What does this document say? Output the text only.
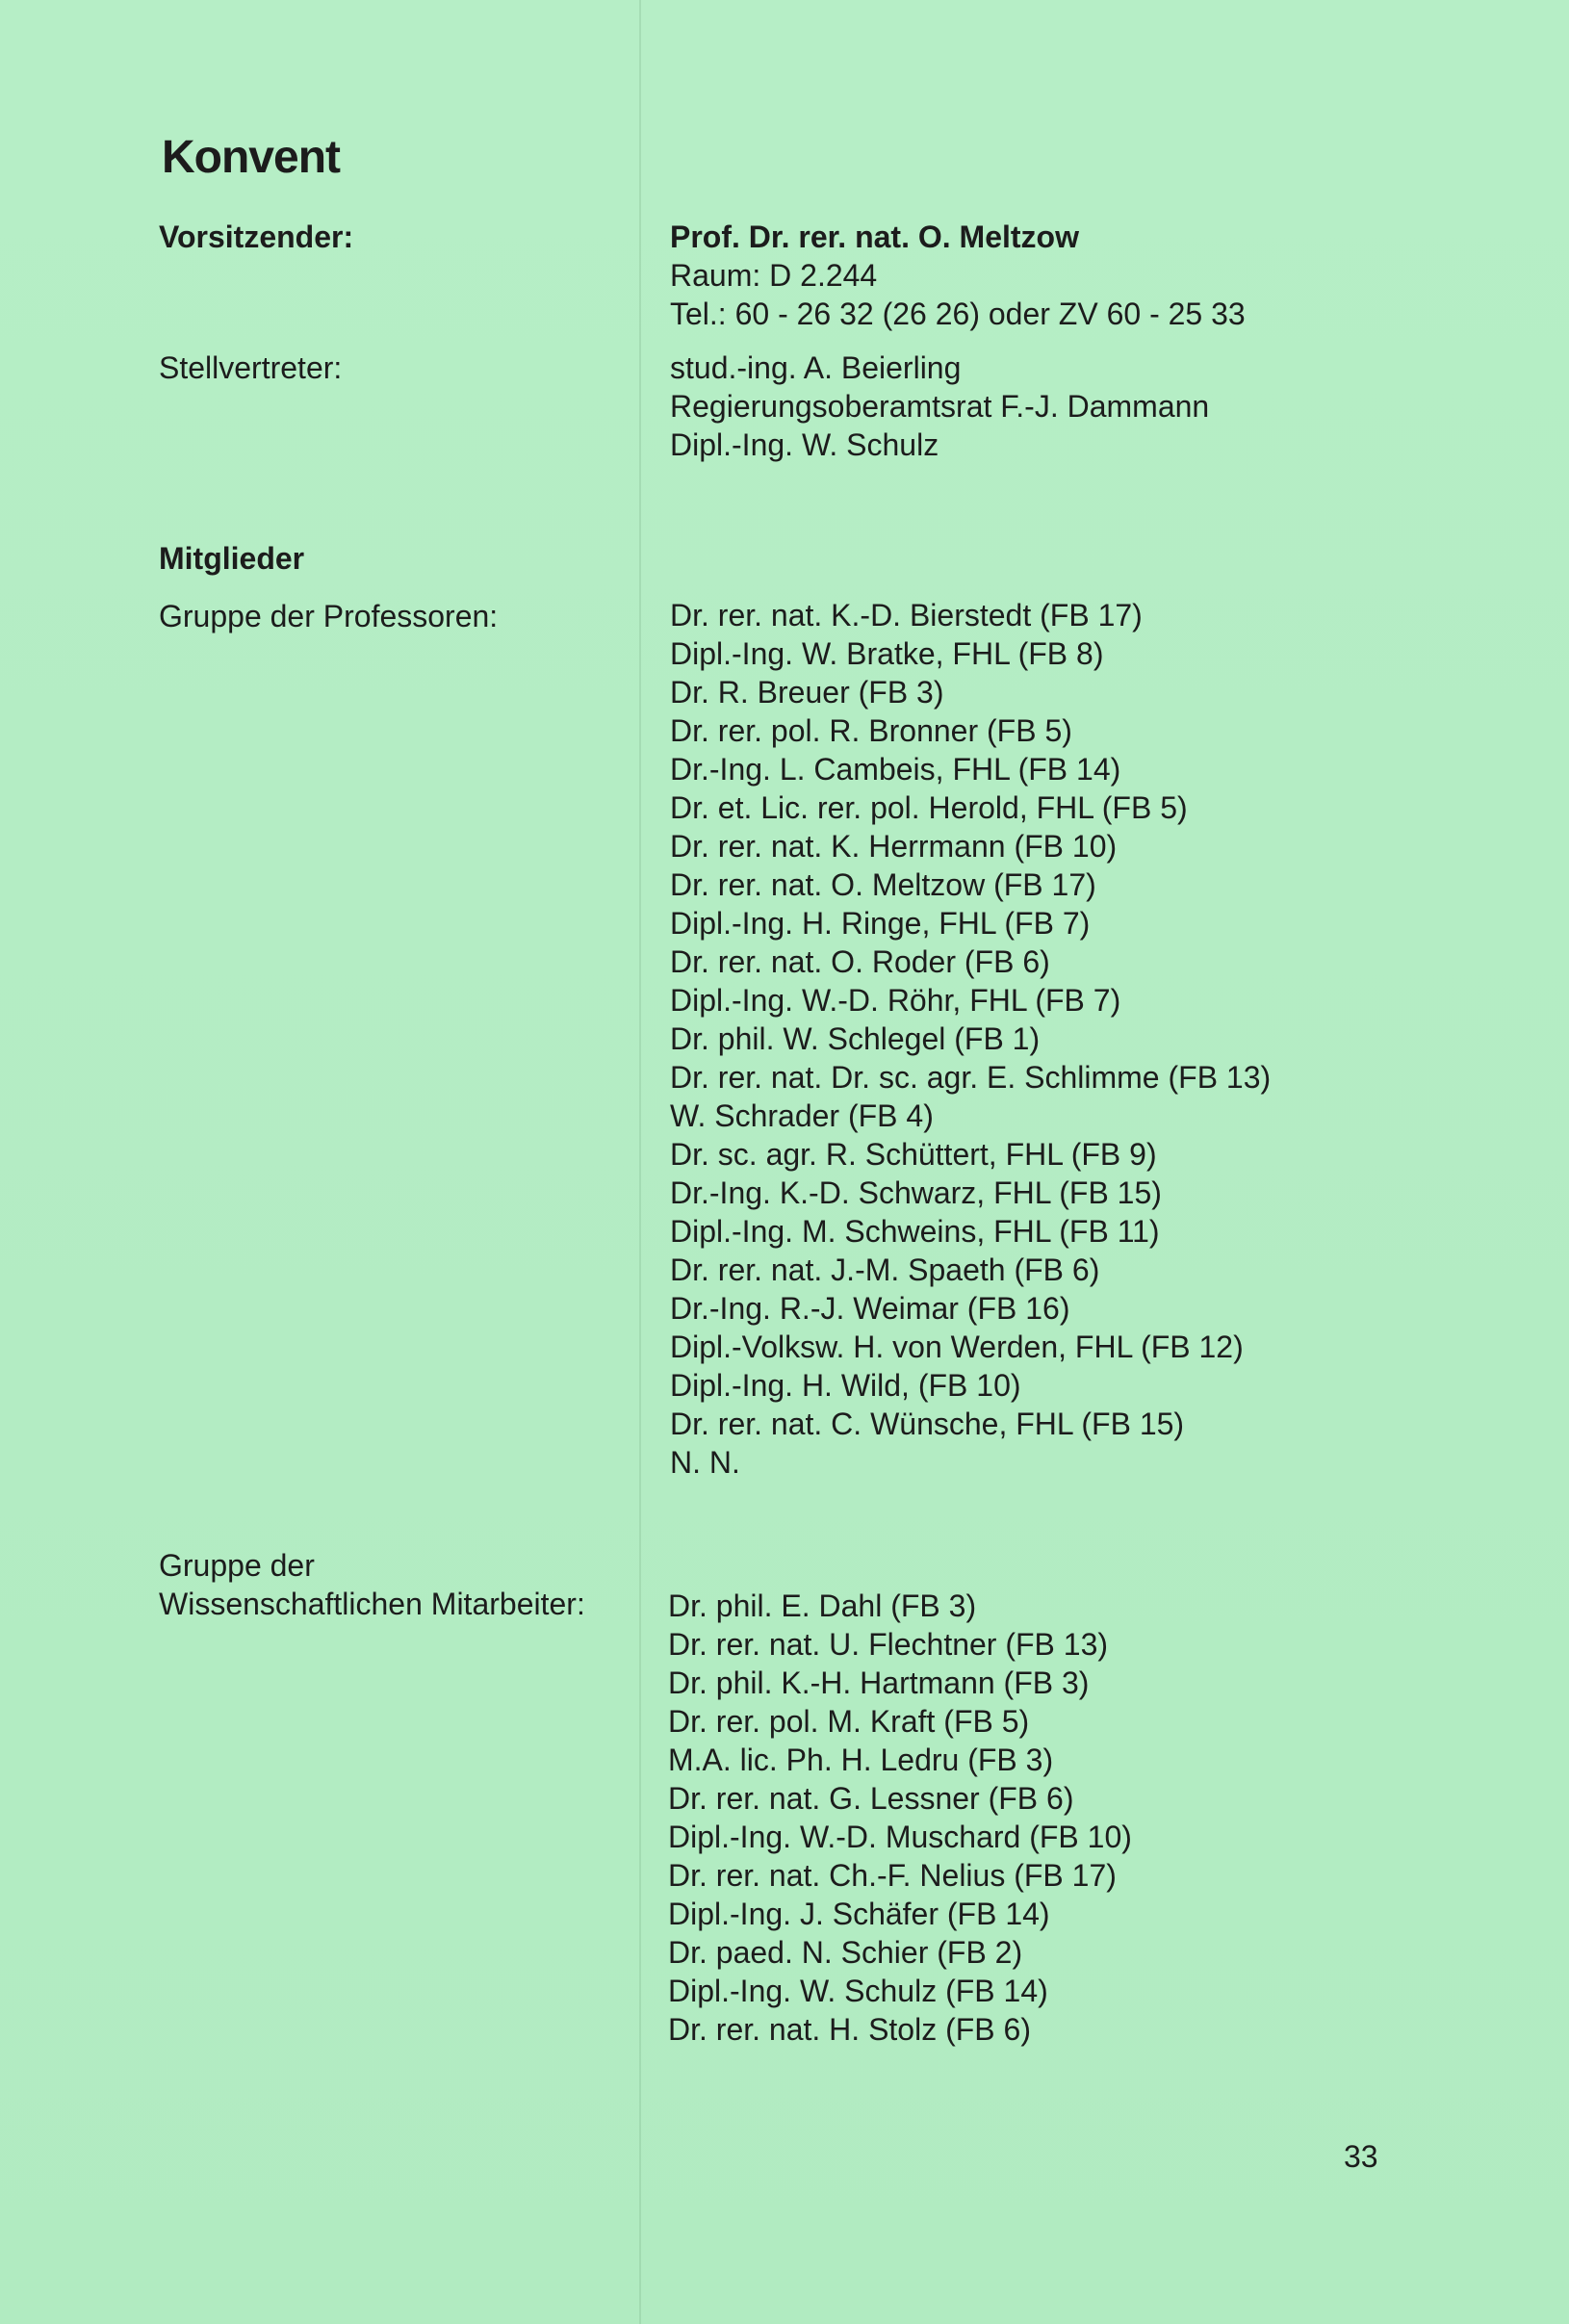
Konvent
Vorsitzender:	Prof. Dr. rer. nat. O. Meltzow
Raum: D 2.244
Tel.: 60 - 26 32 (26 26) oder ZV 60 - 25 33
Stellvertreter:	stud.-ing. A. Beierling
Regierungsoberamtsrat F.-J. Dammann
Dipl.-Ing. W. Schulz
Mitglieder
Gruppe der Professoren:	Dr. rer. nat. K.-D. Bierstedt (FB 17)
Dipl.-Ing. W. Bratke, FHL (FB 8)
Dr. R. Breuer (FB 3)
Dr. rer. pol. R. Bronner (FB 5)
Dr.-Ing. L. Cambeis, FHL (FB 14)
Dr. et. Lic. rer. pol. Herold, FHL (FB 5)
Dr. rer. nat. K. Herrmann (FB 10)
Dr. rer. nat. O. Meltzow (FB 17)
Dipl.-Ing. H. Ringe, FHL (FB 7)
Dr. rer. nat. O. Roder (FB 6)
Dipl.-Ing. W.-D. Röhr, FHL (FB 7)
Dr. phil. W. Schlegel (FB 1)
Dr. rer. nat. Dr. sc. agr. E. Schlimme (FB 13)
W. Schrader (FB 4)
Dr. sc. agr. R. Schüttert, FHL (FB 9)
Dr.-Ing. K.-D. Schwarz, FHL (FB 15)
Dipl.-Ing. M. Schweins, FHL (FB 11)
Dr. rer. nat. J.-M. Spaeth (FB 6)
Dr.-Ing. R.-J. Weimar (FB 16)
Dipl.-Volksw. H. von Werden, FHL (FB 12)
Dipl.-Ing. H. Wild, (FB 10)
Dr. rer. nat. C. Wünsche, FHL (FB 15)
N. N.
Gruppe der
Wissenschaftlichen Mitarbeiter:	Dr. phil. E. Dahl (FB 3)
Dr. rer. nat. U. Flechtner (FB 13)
Dr. phil. K.-H. Hartmann (FB 3)
Dr. rer. pol. M. Kraft (FB 5)
M.A. lic. Ph. H. Ledru (FB 3)
Dr. rer. nat. G. Lessner (FB 6)
Dipl.-Ing. W.-D. Muschard (FB 10)
Dr. rer. nat. Ch.-F. Nelius (FB 17)
Dipl.-Ing. J. Schäfer (FB 14)
Dr. paed. N. Schier (FB 2)
Dipl.-Ing. W. Schulz (FB 14)
Dr. rer. nat. H. Stolz (FB 6)
33
